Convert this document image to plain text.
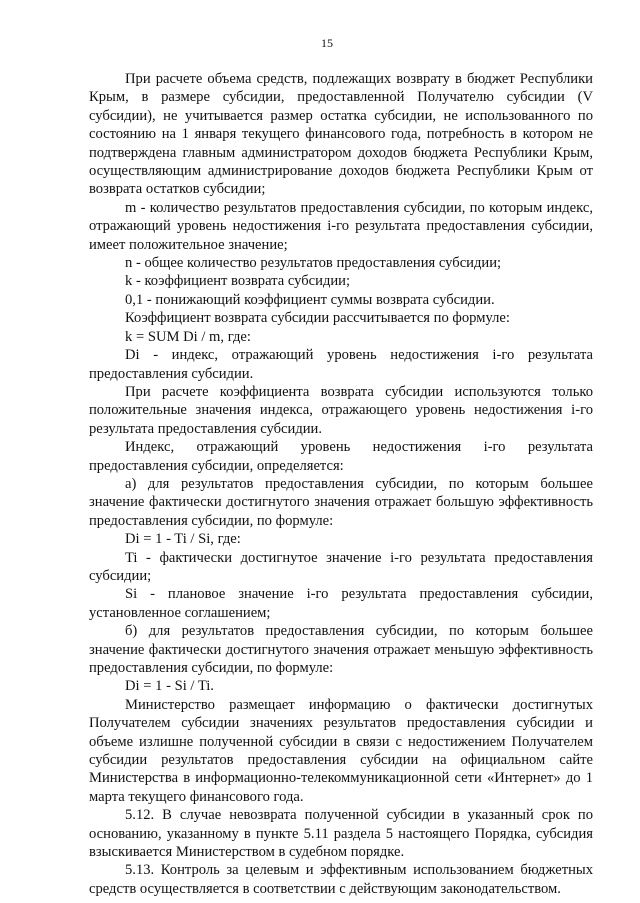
15

При расчете объема средств, подлежащих возврату в бюджет Республики Крым, в размере субсидии, предоставленной Получателю субсидии (V субсидии), не учитывается размер остатка субсидии, не использованного по состоянию на 1 января текущего финансового года, потребность в котором не подтверждена главным администратором доходов бюджета Республики Крым, осуществляющим администрирование доходов бюджета Республики Крым от возврата остатков субсидии;

m - количество результатов предоставления субсидии, по которым индекс, отражающий уровень недостижения i-го результата предоставления субсидии, имеет положительное значение;

n - общее количество результатов предоставления субсидии;

k - коэффициент возврата субсидии;

0,1 - понижающий коэффициент суммы возврата субсидии.

Коэффициент возврата субсидии рассчитывается по формуле:

k = SUM Di / m, где:

Di - индекс, отражающий уровень недостижения i-го результата предоставления субсидии.

При расчете коэффициента возврата субсидии используются только положительные значения индекса, отражающего уровень недостижения i-го результата предоставления субсидии.

Индекс, отражающий уровень недостижения i-го результата предоставления субсидии, определяется:

а) для результатов предоставления субсидии, по которым большее значение фактически достигнутого значения отражает большую эффективность предоставления субсидии, по формуле:

Di = 1 - Ti / Si, где:

Ti - фактически достигнутое значение i-го результата предоставления субсидии;

Si - плановое значение i-го результата предоставления субсидии, установленное соглашением;

б) для результатов предоставления субсидии, по которым большее значение фактически достигнутого значения отражает меньшую эффективность предоставления субсидии, по формуле:

Di = 1 - Si / Ti.

Министерство размещает информацию о фактически достигнутых Получателем субсидии значениях результатов предоставления субсидии и объеме излишне полученной субсидии в связи с недостижением Получателем субсидии результатов предоставления субсидии на официальном сайте Министерства в информационно-телекоммуникационной сети «Интернет» до 1 марта текущего финансового года.

5.12. В случае невозврата полученной субсидии в указанный срок по основанию, указанному в пункте 5.11 раздела 5 настоящего Порядка, субсидия взыскивается Министерством в судебном порядке.

5.13. Контроль за целевым и эффективным использованием бюджетных средств осуществляется в соответствии с действующим законодательством.
